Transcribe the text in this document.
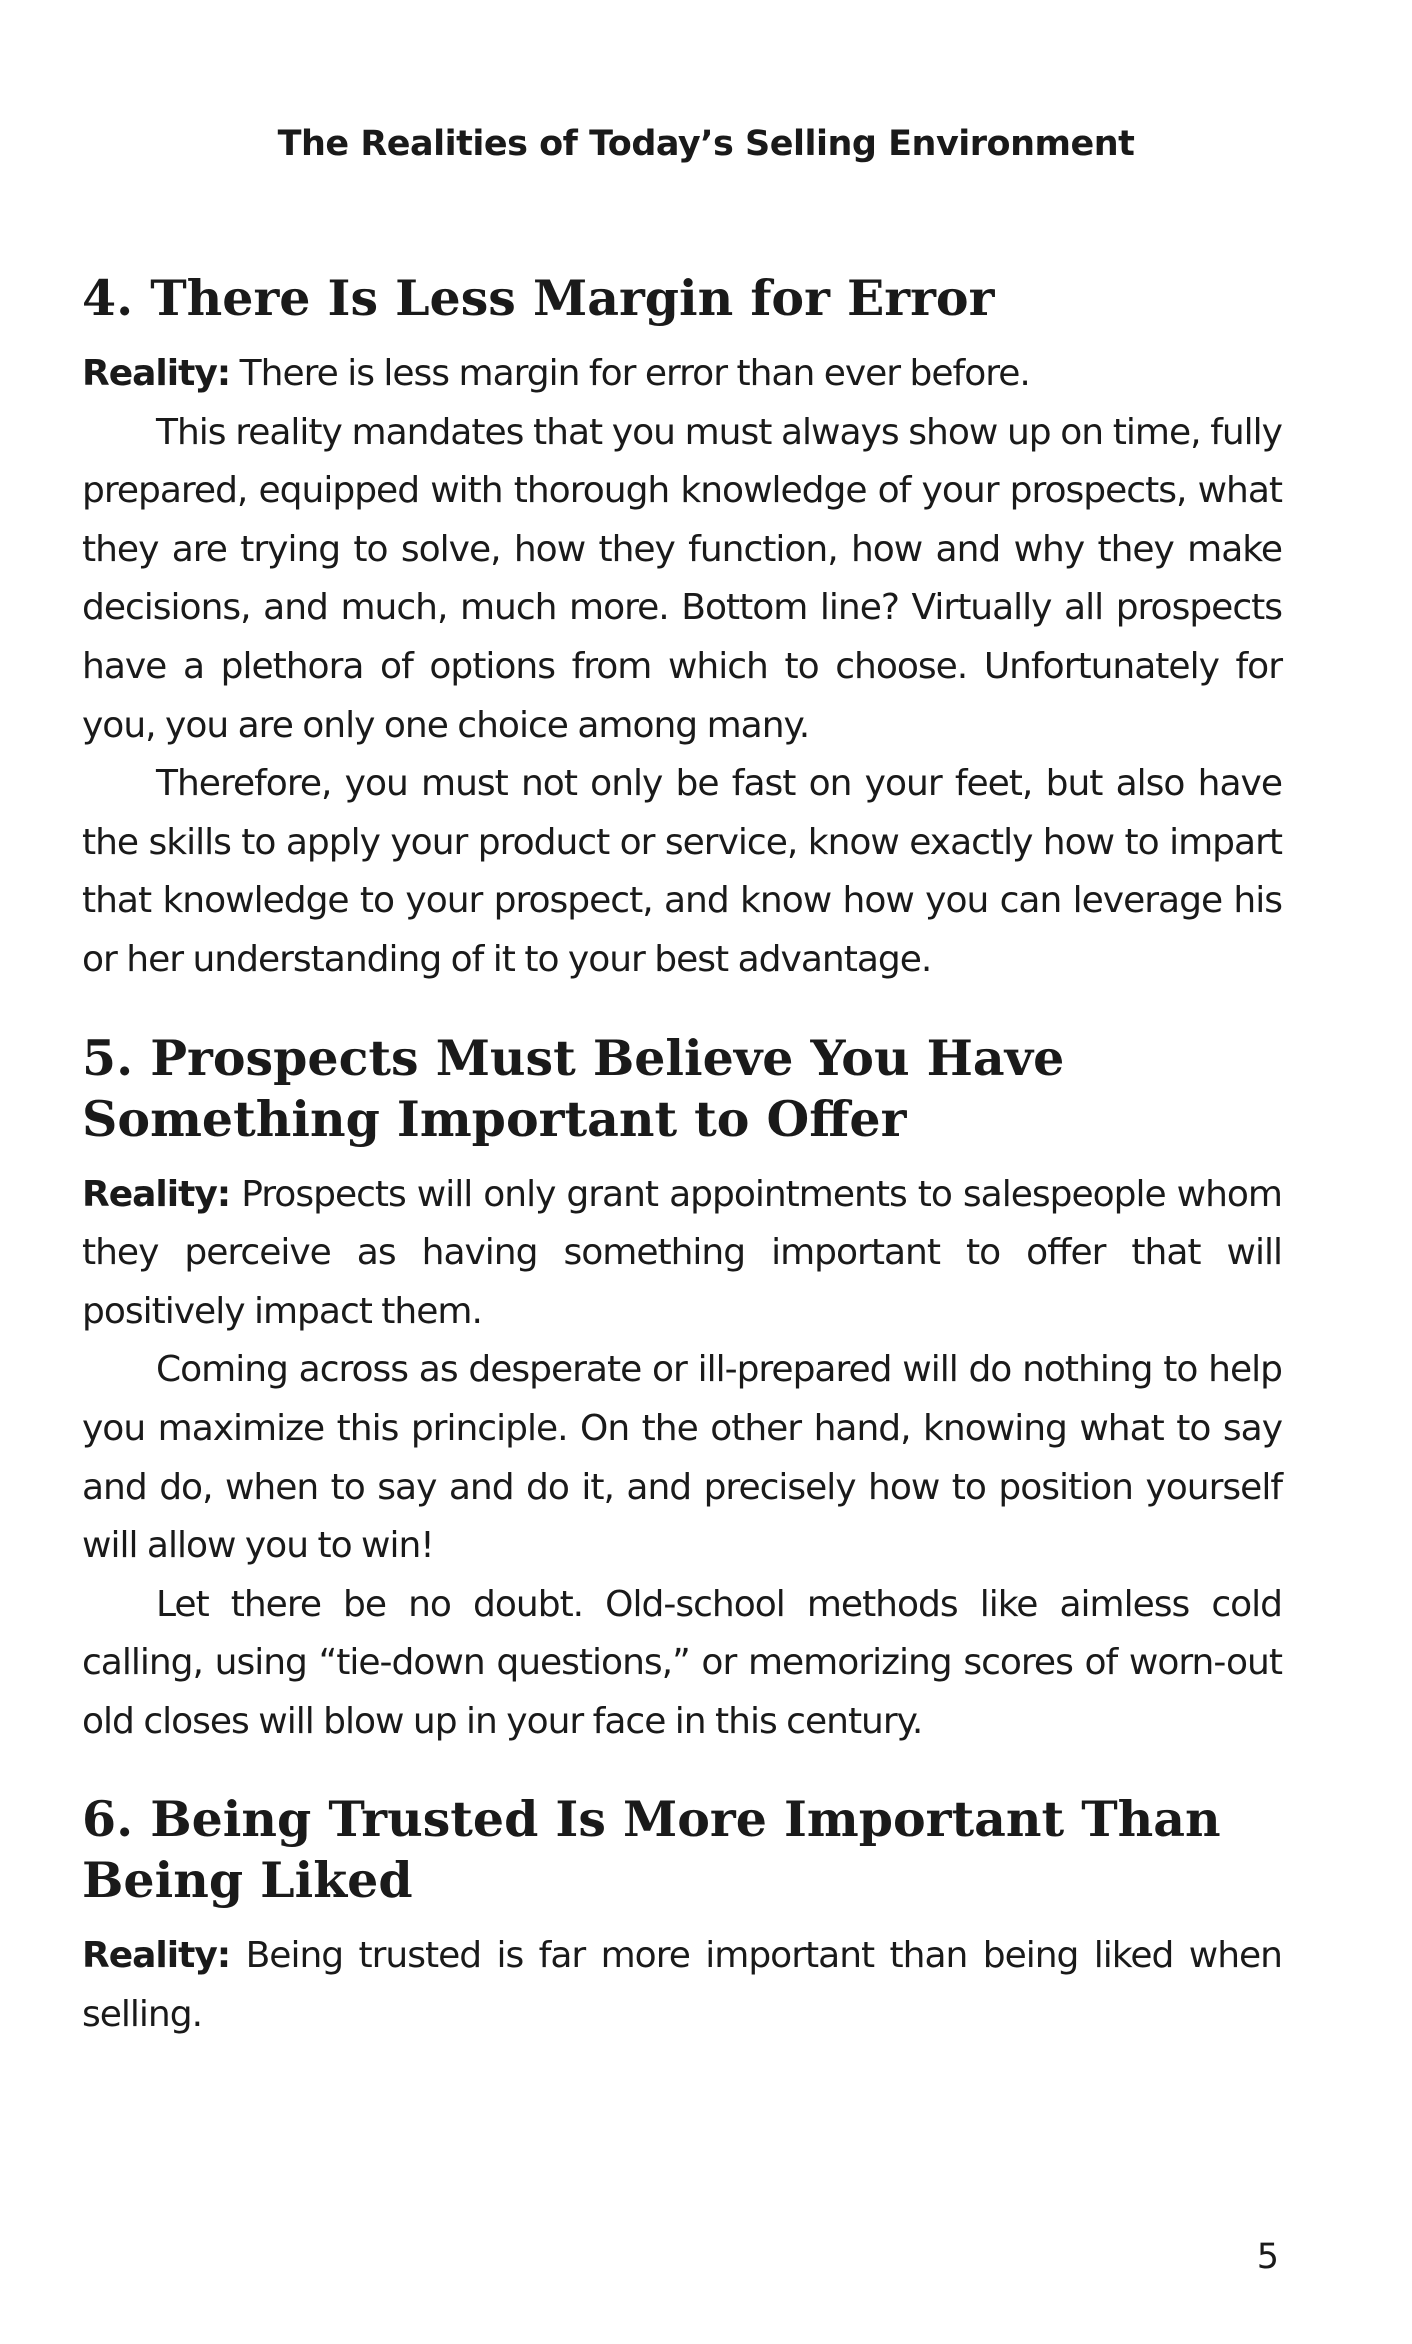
The Realities of Today’s Selling Environment
4. There Is Less Margin for Error

Reality: There is less margin for error than ever before.

This reality mandates that you must always show up on time, fully prepared, equipped with thorough knowledge of your prospects, what they are trying to solve, how they function, how and why they make decisions, and much, much more. Bottom line? Virtually all prospects have a plethora of options from which to choose. Unfortunately for you, you are only one choice among many.

Therefore, you must not only be fast on your feet, but also have the skills to apply your product or service, know exactly how to impart that knowledge to your prospect, and know how you can leverage his or her understanding of it to your best advantage.

5. Prospects Must Believe You Have Something Important to Offer

Reality: Prospects will only grant appointments to salespeople whom they perceive as having something important to offer that will positively impact them.

Coming across as desperate or ill-prepared will do nothing to help you maximize this principle. On the other hand, knowing what to say and do, when to say and do it, and precisely how to position yourself will allow you to win!

Let there be no doubt. Old-school methods like aimless cold calling, using “tie-down questions,” or memorizing scores of worn-out old closes will blow up in your face in this century.

6. Being Trusted Is More Important Than Being Liked

Reality: Being trusted is far more important than being liked when selling.

5
